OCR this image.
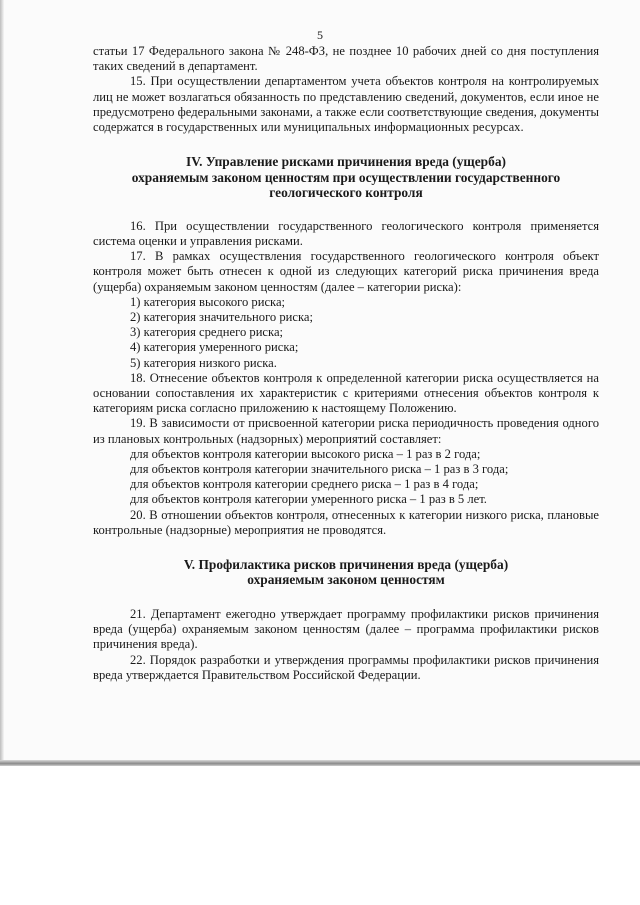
5

статьи 17 Федерального закона № 248-ФЗ, не позднее 10 рабочих дней со дня поступления таких сведений в департамент.

15. При осуществлении департаментом учета объектов контроля на контролируемых лиц не может возлагаться обязанность по представлению сведений, документов, если иное не предусмотрено федеральными законами, а также если соответствующие сведения, документы содержатся в государственных или муниципальных информационных ресурсах.

IV. Управление рисками причинения вреда (ущерба)
охраняемым законом ценностям при осуществлении государственного
геологического контроля

16. При осуществлении государственного геологического контроля применяется система оценки и управления рисками.

17. В рамках осуществления государственного геологического контроля объект контроля может быть отнесен к одной из следующих категорий риска причинения вреда (ущерба) охраняемым законом ценностям (далее – категории риска):

1) категория высокого риска;

2) категория значительного риска;

3) категория среднего риска;

4) категория умеренного риска;

5) категория низкого риска.

18. Отнесение объектов контроля к определенной категории риска осуществляется на основании сопоставления их характеристик с критериями отнесения объектов контроля к категориям риска согласно приложению к настоящему Положению.

19. В зависимости от присвоенной категории риска периодичность проведения одного из плановых контрольных (надзорных) мероприятий составляет:

для объектов контроля категории высокого риска – 1 раз в 2 года;

для объектов контроля категории значительного риска – 1 раз в 3 года;

для объектов контроля категории среднего риска – 1 раз в 4 года;

для объектов контроля категории умеренного риска – 1 раз в 5 лет.

20. В отношении объектов контроля, отнесенных к категории низкого риска, плановые контрольные (надзорные) мероприятия не проводятся.

V. Профилактика рисков причинения вреда (ущерба)
охраняемым законом ценностям

21. Департамент ежегодно утверждает программу профилактики рисков причинения вреда (ущерба) охраняемым законом ценностям (далее – программа профилактики рисков причинения вреда).

22. Порядок разработки и утверждения программы профилактики рисков причинения вреда утверждается Правительством Российской Федерации.
